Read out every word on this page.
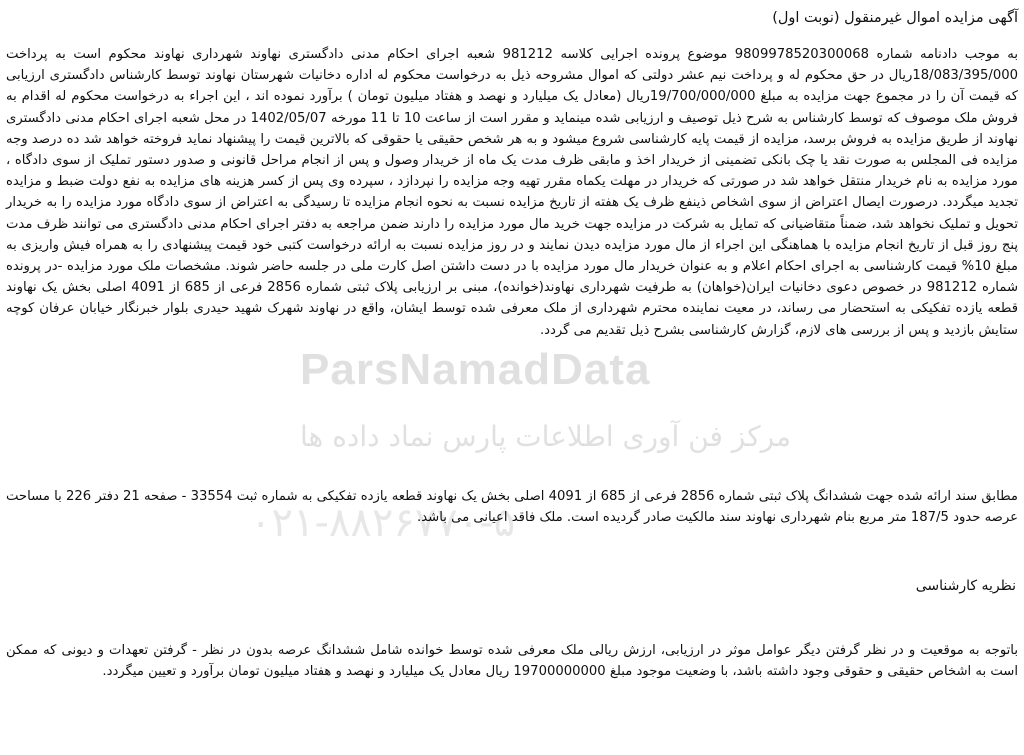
ParsNamadData
مرکز فن آوری اطلاعات پارس نماد داده ها
۰۲۱-۸۸۲۶۷۷۰-۵
آگهی مزایده اموال غیرمنقول (نوبت اول)

به موجب دادنامه شماره 9809978520300068 موضوع پرونده اجرایی کلاسه 981212 شعبه اجرای احکام مدنی دادگستری نهاوند شهرداری نهاوند محکوم است به پرداخت 18/083/395/000ریال در حق محکوم له و پرداخت نیم عشر دولتی که اموال مشروحه ذیل به درخواست محکوم له اداره دخانیات شهرستان نهاوند توسط کارشناس دادگستری ارزیابی که قیمت آن را در مجموع جهت مزایده به مبلغ 19/700/000/000ریال (معادل یک میلیارد و نهصد و هفتاد میلیون تومان ) برآورد نموده اند ، این اجراء به درخواست محکوم له اقدام به فروش ملک موصوف که توسط کارشناس به شرح ذیل توصیف و ارزیابی شده مینماید و مقرر است از ساعت 10 تا 11 مورخه 1402/05/07 در محل شعبه اجرای احکام مدنی دادگستری نهاوند از طریق مزایده به فروش برسد، مزایده از قیمت پایه کارشناسی شروع میشود و به هر شخص حقیقی یا حقوقی که بالاترین قیمت را پیشنهاد نماید فروخته خواهد شد ده درصد وجه مزایده فی المجلس به صورت نقد یا چک بانکی تضمینی از خریدار اخذ و مابقی ظرف مدت یک ماه از خریدار وصول و پس از انجام مراحل قانونی و صدور دستور تملیک از سوی دادگاه ، مورد مزایده به نام خریدار منتقل خواهد شد در صورتی که خریدار در مهلت یکماه مقرر تهیه وجه مزایده را نپردازد ، سپرده وی پس از کسر هزینه های مزایده به نفع دولت ضبط و مزایده تجدید میگردد. درصورت ایصال اعتراض از سوی اشخاص ذینفع ظرف یک هفته از تاریخ مزایده نسبت به نحوه انجام مزایده تا رسیدگی به اعتراض از سوی دادگاه مورد مزایده را به خریدار تحویل و تملیک نخواهد شد، ضمناً متقاضیانی که تمایل به شرکت در مزایده جهت خرید مال مورد مزایده را دارند ضمن مراجعه به دفتر اجرای احکام مدنی دادگستری می توانند ظرف مدت پنج روز قبل از تاریخ انجام مزایده با هماهنگی این اجراء از مال مورد مزایده دیدن نمایند و در روز مزایده نسبت به ارائه درخواست کتبی خود قیمت پیشنهادی را به همراه فیش واریزی به مبلغ 10% قیمت کارشناسی به اجرای احکام اعلام و به عنوان خریدار مال مورد مزایده با در دست داشتن اصل کارت ملی در جلسه حاضر شوند. مشخصات ملک مورد مزایده -در پرونده شماره 981212 در خصوص دعوی دخانیات ایران(خواهان) به طرفیت شهرداری نهاوند(خوانده)، مبنی بر ارزیابی پلاک ثبتی شماره 2856 فرعی از 685 از 4091 اصلی بخش یک نهاوند قطعه یازده تفکیکی به استحضار می رساند، در معیت نماینده محترم شهرداری از ملک معرفی شده توسط ایشان، واقع در نهاوند شهرک شهید حیدری بلوار خبرنگار خیابان عرفان کوچه ستایش بازدید و پس از بررسی های لازم، گزارش کارشناسی بشرح ذیل تقدیم می گردد.

مطابق سند ارائه شده جهت ششدانگ پلاک ثبتی شماره 2856 فرعی از 685 از 4091 اصلی بخش یک نهاوند قطعه یازده تفکیکی به شماره ثبت 33554 - صفحه 21 دفتر 226 با مساحت عرصه حدود 187/5 متر مربع بنام شهرداری نهاوند سند مالکیت صادر گردیده است. ملک فاقد اعیانی می باشد.

نظریه کارشناسی

باتوجه به موقعیت و در نظر گرفتن دیگر عوامل موثر در ارزیابی، ارزش ریالی ملک معرفی شده توسط خوانده شامل ششدانگ عرصه بدون در نظر - گرفتن تعهدات و دیونی که ممکن است به اشخاص حقیقی و حقوقی وجود داشته باشد، با وضعیت موجود مبلغ 19700000000 ریال معادل یک میلیارد و نهصد و هفتاد میلیون تومان برآورد و تعیین میگردد.
